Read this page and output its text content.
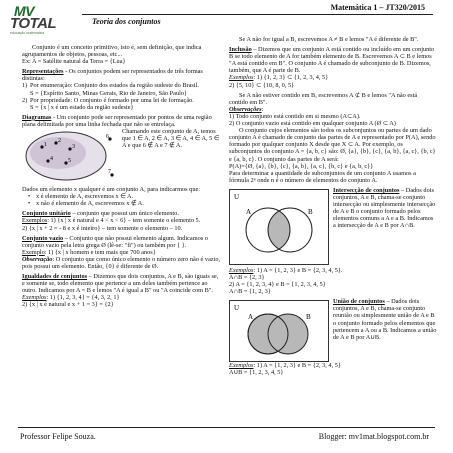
MV
TOTAL
educação matemática
Matemática 1 – JT320/2015
Teoria dos conjuntos

Conjunto é um conceito primitivo, isto é, sem definição, que indica agrupamentos de objetos, pessoas, etc...

Ex: A = Satélite natural da Terra = {Lua}

Representações - Os conjuntos podem ser representados de três formas distintas:

1) Por enumeração: Conjunto dos estados da região sudeste do Brasil.

S = {Espírito Santo, Minas Gerais, Rio de Janeiro, São Paulo}

2) Por propriedade: O conjunto é formado por uma lei de formação.

S = {x | x é um estado da região sudeste}

Diagramas - Um conjunto pode ser representado por pontos de uma região plana delimitada por uma linha fechada que não se entrelaça.

1
2
3
4	5
6
7
Chamando este conjunto de A, temos que 1 ∈ A, 2 ∈ A, 3 ∈ A, 4 ∈ A, 5 ∈ A e que 6 ∉ A e 7 ∉ A.

Dados um elemento x qualquer é um conjunto A, para indicarmos que:

• x é elemento de A, escrevemos x ∈ A.

• x não é elemento de A, escrevemos x ∉ A.

Conjunto unitário – conjunto que possui um único elemento.

Exemplos: 1) {x | x é natural e 4 < x < 6} – tem somente o elemento 5.

2) {x | x + 2 = - 8 e x é inteiro} – tem somente o elemento – 10.

Conjunto vazio – Conjunto que não possui elemento algum. Indicamos o conjunto vazio pela letra grega Ø (lê-se: "fi") ou também por { }.

Exemplo: 1) {x | x homem e tem mais que 700 anos}

Observação: O conjunto que como único elemento o número zero não é vazio, pois possui um elemento. Então, {0} é diferente de Ø.

Igualdades de conjuntos – Dizemos que dois conjuntos, A e B, são iguais se, e somente se, todo elemento que pertence a um deles também pertence ao outro. Indicamos por A = B e lemos "A é igual a B" ou "A coincide com B".

Exemplos: 1) {1, 2, 3, 4} = {4, 3, 2, 1}

2) {x | x é natural e x + 1 = 3} = {2}

Se A não for igual a B, escrevemos A ≠ B e lemos "A é diferente de B".

Inclusão – Dizemos que um conjunto A está contido ou incluído em um conjunto B se todo elemento de A for também elemento de B. Escrevemos A ⊂ B e lemos "A está contido em B". O conjunto A é chamado de subconjunto de B. Dizemos, também, que A é parte de B.

Exemplos: 1) {1, 2, 3} ⊂ {1, 2, 3, 4, 5}

2) {5, 10} ⊂ {10, 8, 0, 5}

Se A não estiver contido em B, escrevemos A ⊄ B e lemos "A não está contido em B".

Observações:

1) Todo conjunto está contido em si mesmo (A⊂A).

2) O conjunto vazio está contido em qualquer conjunto A (Ø ⊂ A)

O conjunto cujos elementos são todos os subconjuntos ou partes de um dado conjunto A é chamado de conjunto das partes de A e representado por P(A), sendo formado por qualquer conjunto X desde que X ⊂ A. Por exemplo, os subconjuntos do conjunto A = {a, b, c} são: Ø, {a}, {b}, {c}, {a, b}, {a, c}, {b, c} e {a, b, c}. O conjunto das partes de A será:

P(A)={Ø, {a}, {b}, {c}, {a, b}, {a, c}, {b, c} e {a, b, c}}

Para determinar a quantidade de subconjuntos de um conjunto A usamos a fórmula 2ⁿ onde n é o número de elementos do conjunto A.

U
A	B
Intersecção de conjuntos – Dados dois conjuntos, A e B, chama-se conjunto intersecção ou simplesmente intersecção de A e B o conjunto formado pelos elementos comuns a A e a B. Indicamos a intersecção de A e B por A∩B.

Exemplos: 1) A = {1, 2, 3} e B = {2, 3, 4, 5}.

A∩B = {2, 3}

2) A = {1, 2, 3, 4} e B = {1, 2, 3, 4, 5}

A∩B = {1, 2, 3}

U
A	B
União de conjuntos – Dados dois conjuntos, A e B, chama-se conjunto reunião ou simplesmente união de A e B o conjunto formado pelos elementos que pertencem a A ou a B. Indicamos a união de A e B por A∪B.

Exemplos: 1) A = {1, 2, 3} e B = {2, 3, 4, 5}

A∪B = {1, 2, 3, 4, 5}

Professor Felipe Souza.	Blogger: mv1mat.blogspot.com.br
